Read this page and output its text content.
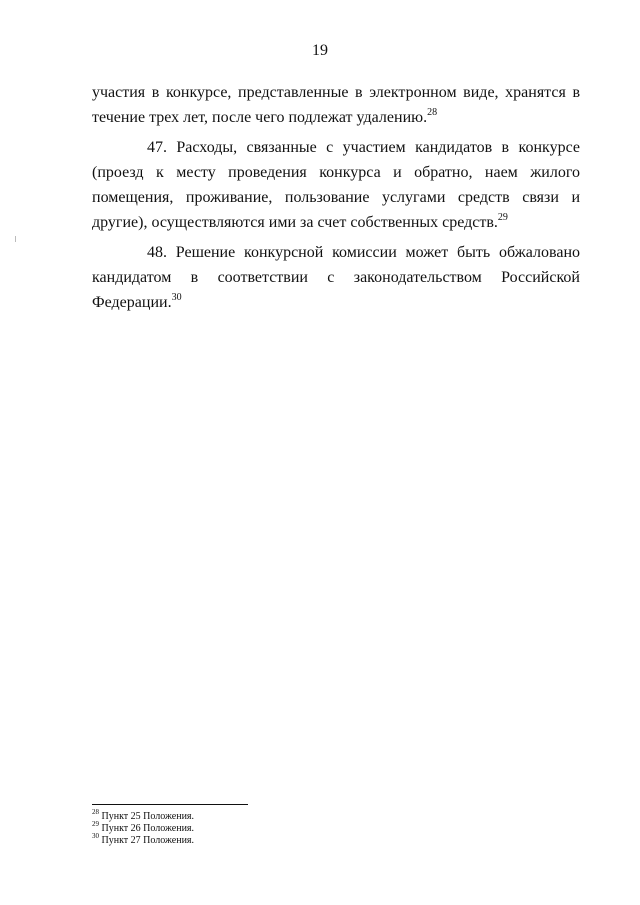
19

участия в конкурсе, представленные в электронном виде, хранятся в течение трех лет, после чего подлежат удалению.$^{28}$

47. Расходы, связанные с участием кандидатов в конкурсе (проезд к месту проведения конкурса и обратно, наем жилого помещения, проживание, пользование услугами средств связи и другие), осуществляются ими за счет собственных средств.$^{29}$

48. Решение конкурсной комиссии может быть обжаловано кандидатом в соответствии с законодательством Российской Федерации.$^{30}$

$^{28}$ Пункт 25 Положения.

$^{29}$ Пункт 26 Положения.

$^{30}$ Пункт 27 Положения.
